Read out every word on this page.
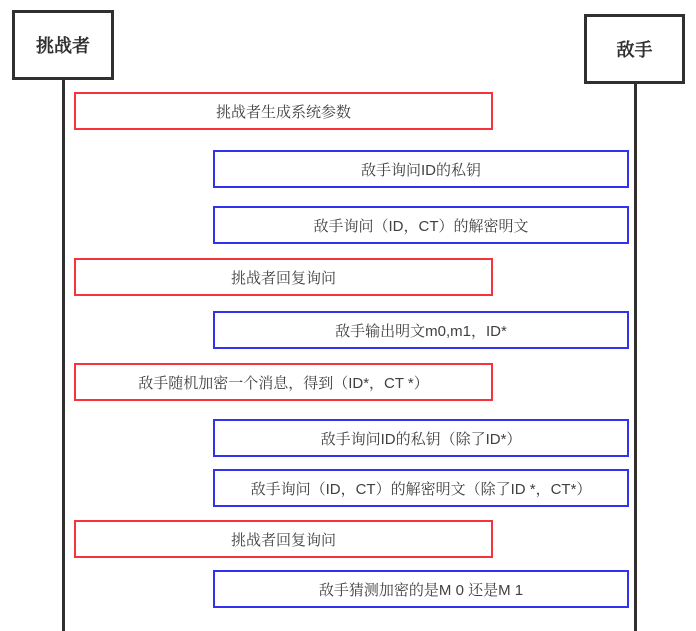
挑战者	敌手
挑战者生成系统参数
敌手询问ID的私钥
敌手询问（ID，CT）的解密明文
挑战者回复询问
敌手输出明文m0,m1，ID*
敌手随机加密一个消息，得到（ID*，CT *）
敌手询问ID的私钥（除了ID*）
敌手询问（ID，CT）的解密明文（除了ID *，CT*）
挑战者回复询问
敌手猜测加密的是M 0 还是M 1
